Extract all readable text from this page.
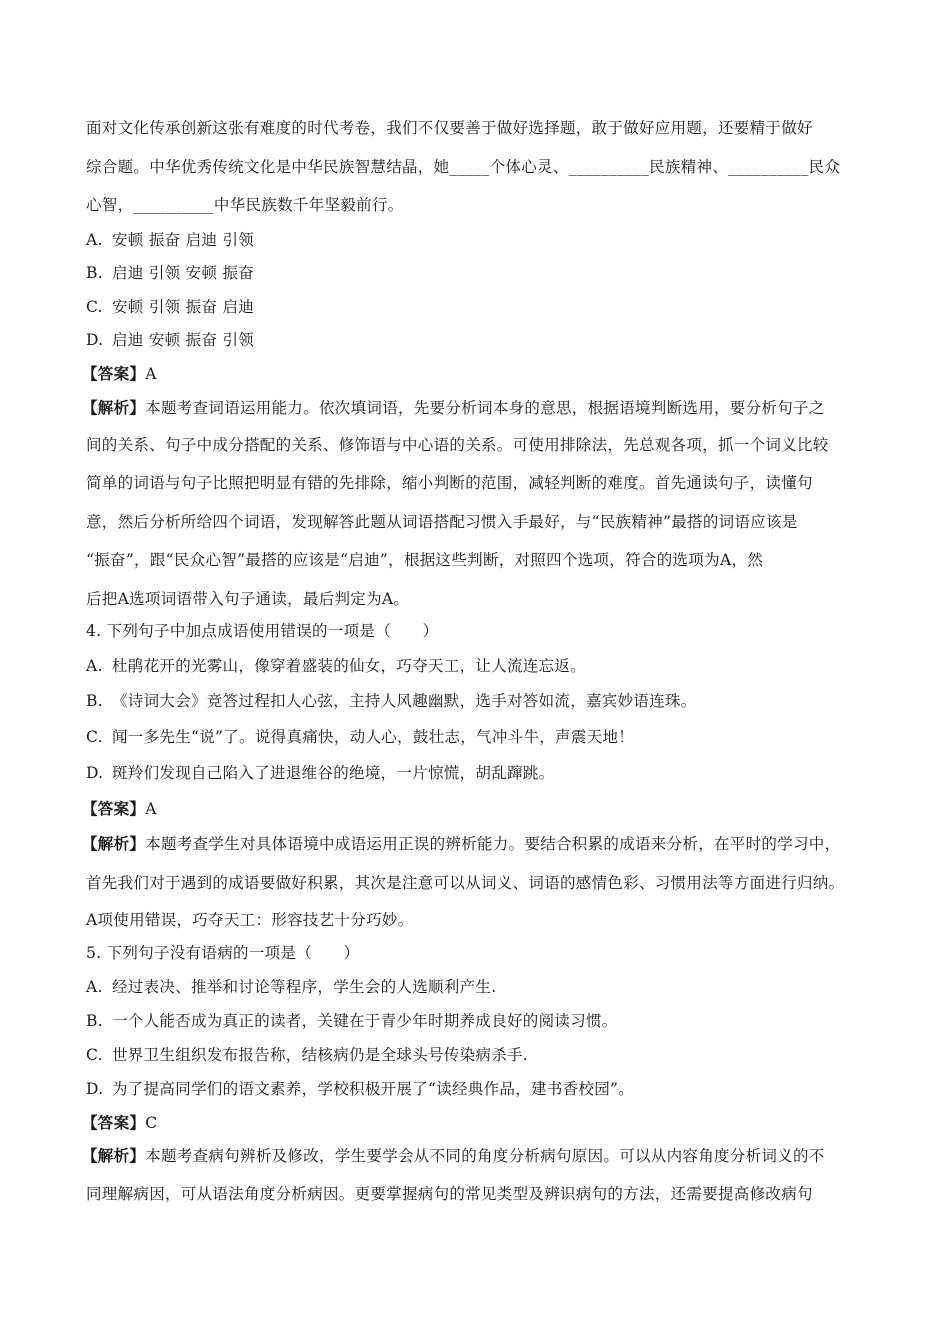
面对文化传承创新这张有难度的时代考卷，我们不仅要善于做好选择题，敢于做好应用题，还要精于做好
综合题。中华优秀传统文化是中华民族智慧结晶，她_____个体心灵、__________民族精神、__________民众
心智，__________中华民族数千年坚毅前行。
A. 安顿 振奋 启迪 引领
B. 启迪 引领 安顿 振奋
C. 安顿 引领 振奋 启迪
D. 启迪 安顿 振奋 引领
【答案】A
【解析】本题考查词语运用能力。依次填词语，先要分析词本身的意思，根据语境判断选用，要分析句子之
间的关系、句子中成分搭配的关系、修饰语与中心语的关系。可使用排除法，先总观各项，抓一个词义比较
简单的词语与句子比照把明显有错的先排除，缩小判断的范围，减轻判断的难度。首先通读句子，读懂句
意，然后分析所给四个词语，发现解答此题从词语搭配习惯入手最好，与“民族精神”最搭的词语应该是
“振奋”，跟“民众心智”最搭的应该是“启迪”，根据这些判断，对照四个选项，符合的选项为A，然
后把A选项词语带入句子通读，最后判定为A。
4. 下列句子中加点成语使用错误的一项是（　　）
A. 杜鹃花开的光雾山，像穿着盛装的仙女，巧夺天工，让人流连忘返。
B. 《诗词大会》竞答过程扣人心弦，主持人风趣幽默，选手对答如流，嘉宾妙语连珠。
C. 闻一多先生“说”了。说得真痛快，动人心，鼓壮志，气冲斗牛，声震天地！
D. 斑羚们发现自己陷入了进退维谷的绝境，一片惊慌，胡乱蹿跳。
【答案】A
【解析】本题考查学生对具体语境中成语运用正误的辨析能力。要结合积累的成语来分析，在平时的学习中，
首先我们对于遇到的成语要做好积累，其次是注意可以从词义、词语的感情色彩、习惯用法等方面进行归纳。
A项使用错误，巧夺天工：形容技艺十分巧妙。
5. 下列句子没有语病的一项是（　　）
A. 经过表决、推举和讨论等程序，学生会的人选顺利产生.
B. 一个人能否成为真正的读者，关键在于青少年时期养成良好的阅读习惯。
C. 世界卫生组织发布报告称，结核病仍是全球头号传染病杀手.
D. 为了提高同学们的语文素养，学校积极开展了“读经典作品，建书香校园”。
【答案】C
【解析】本题考查病句辨析及修改，学生要学会从不同的角度分析病句原因。可以从内容角度分析词义的不
同理解病因，可从语法角度分析病因。更要掌握病句的常见类型及辨识病句的方法，还需要提高修改病句
